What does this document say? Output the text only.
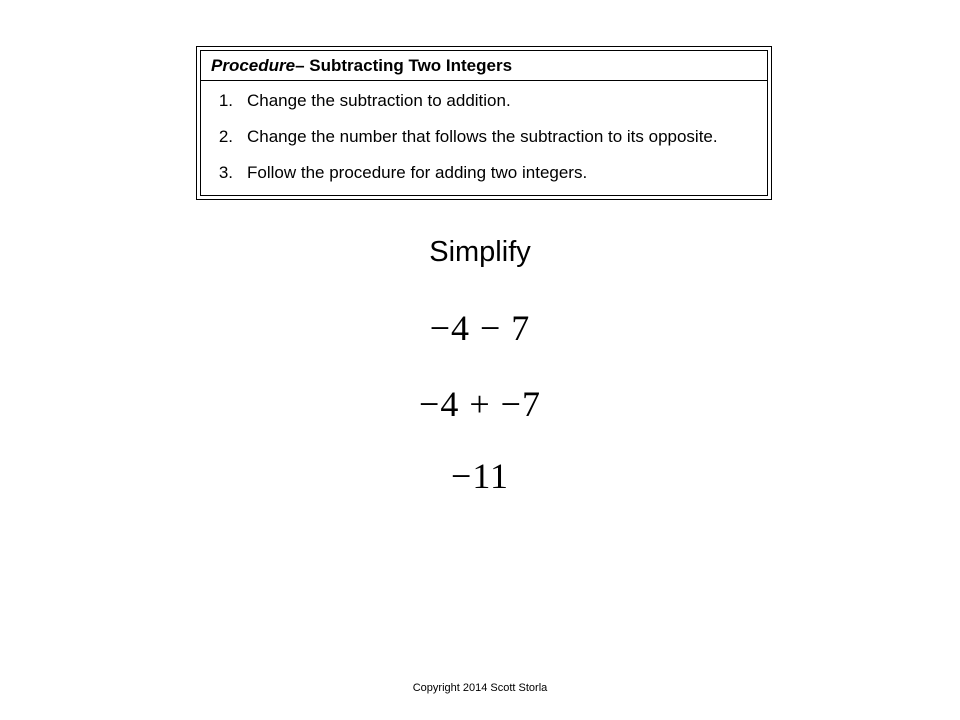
Procedure – Subtracting Two Integers
1. Change the subtraction to addition.
2. Change the number that follows the subtraction to its opposite.
3. Follow the procedure for adding two integers.
Simplify
−4 − 7
−4 + −7
−11
Copyright 2014 Scott Storla
